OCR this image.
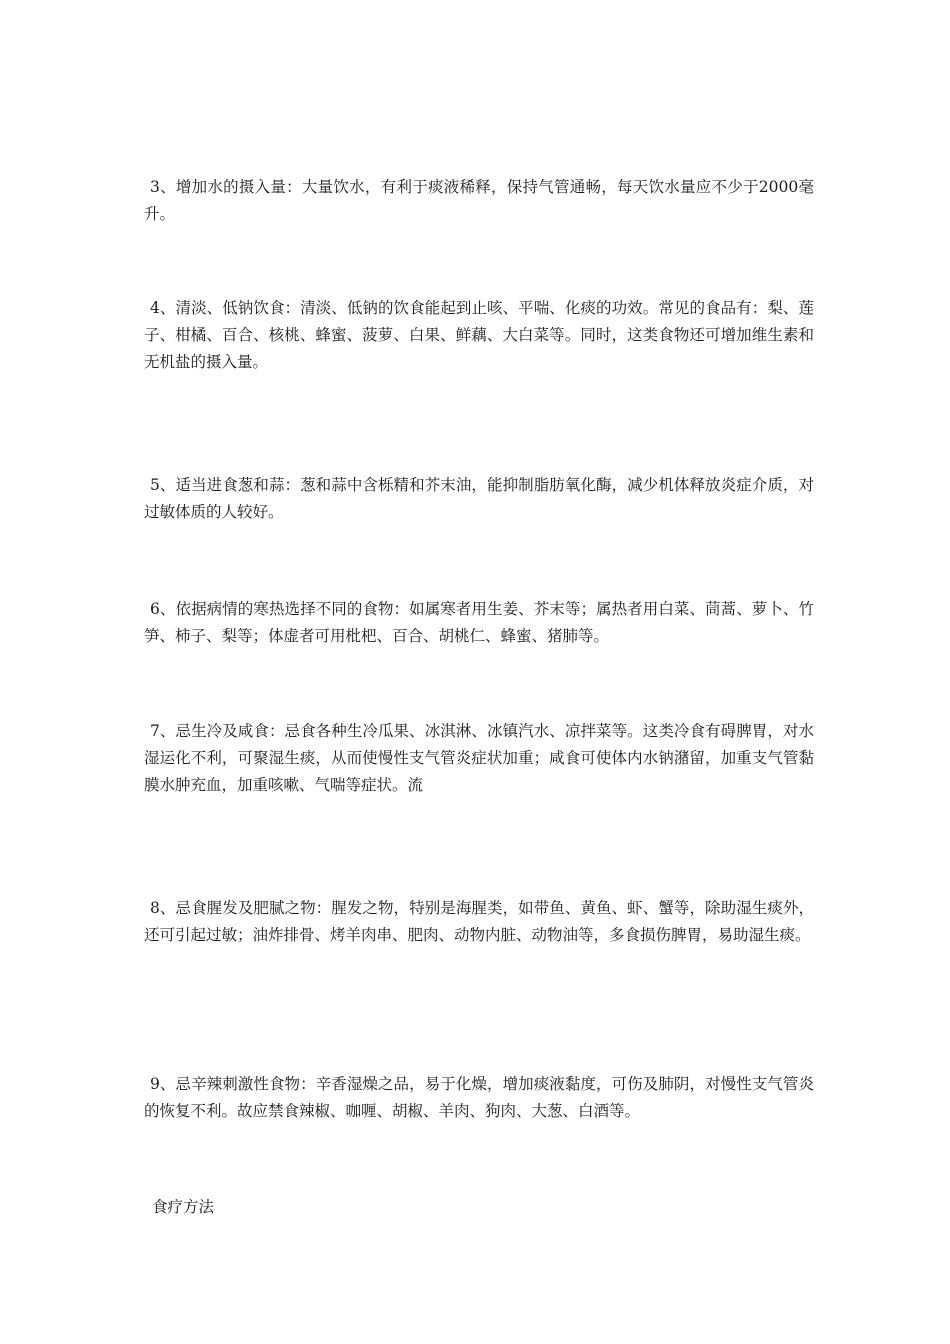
3、增加水的摄入量：大量饮水，有利于痰液稀释，保持气管通畅，每天饮水量应不少于2000毫升。

4、清淡、低钠饮食：清淡、低钠的饮食能起到止咳、平喘、化痰的功效。常见的食品有：梨、莲子、柑橘、百合、核桃、蜂蜜、菠萝、白果、鲜藕、大白菜等。同时，这类食物还可增加维生素和无机盐的摄入量。

5、适当进食葱和蒜：葱和蒜中含栎精和芥末油，能抑制脂肪氧化酶，减少机体释放炎症介质，对过敏体质的人较好。

6、依据病情的寒热选择不同的食物：如属寒者用生姜、芥末等；属热者用白菜、茼蒿、萝卜、竹笋、柿子、梨等；体虚者可用枇杷、百合、胡桃仁、蜂蜜、猪肺等。

7、忌生冷及咸食：忌食各种生冷瓜果、冰淇淋、冰镇汽水、凉拌菜等。这类冷食有碍脾胃，对水湿运化不利，可聚湿生痰，从而使慢性支气管炎症状加重；咸食可使体内水钠潴留，加重支气管黏膜水肿充血，加重咳嗽、气喘等症状。流

8、忌食腥发及肥腻之物：腥发之物，特别是海腥类，如带鱼、黄鱼、虾、蟹等，除助湿生痰外，还可引起过敏；油炸排骨、烤羊肉串、肥肉、动物内脏、动物油等，多食损伤脾胃，易助湿生痰。

9、忌辛辣刺激性食物：辛香湿燥之品，易于化燥，增加痰液黏度，可伤及肺阴，对慢性支气管炎的恢复不利。故应禁食辣椒、咖喱、胡椒、羊肉、狗肉、大葱、白酒等。

食疗方法
